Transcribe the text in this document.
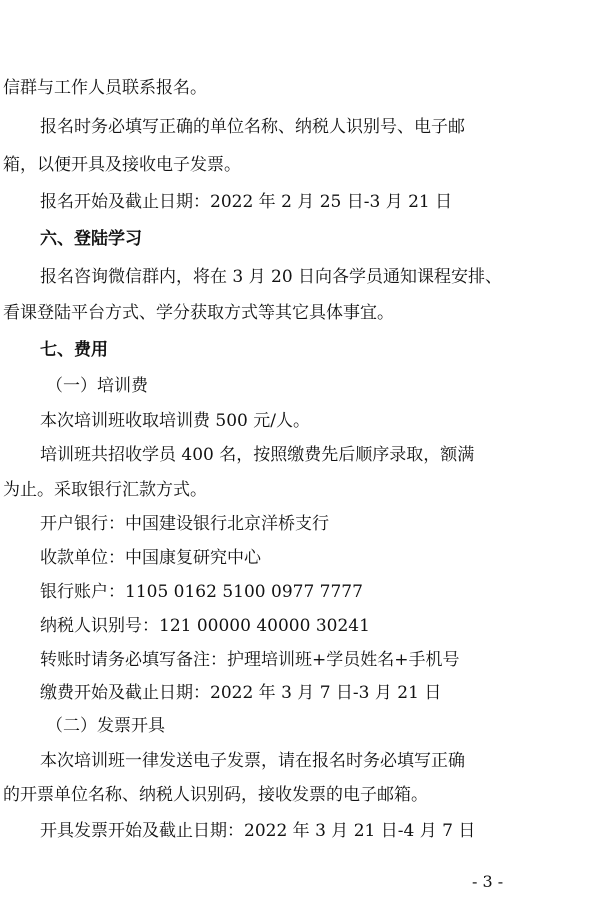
信群与工作人员联系报名。
报名时务必填写正确的单位名称、纳税人识别号、电子邮
箱，以便开具及接收电子发票。
报名开始及截止日期：2022 年 2 月 25 日-3 月 21 日
六、登陆学习
报名咨询微信群内，将在 3 月 20 日向各学员通知课程安排、
看课登陆平台方式、学分获取方式等其它具体事宜。
七、费用
（一）培训费
本次培训班收取培训费 500 元/人。
培训班共招收学员 400 名，按照缴费先后顺序录取，额满
为止。采取银行汇款方式。
开户银行：中国建设银行北京洋桥支行
收款单位：中国康复研究中心
银行账户：1105 0162 5100 0977 7777
纳税人识别号：121 00000 40000 30241
转账时请务必填写备注：护理培训班+学员姓名+手机号
缴费开始及截止日期：2022 年 3 月 7 日-3 月 21 日
（二）发票开具
本次培训班一律发送电子发票，请在报名时务必填写正确
的开票单位名称、纳税人识别码，接收发票的电子邮箱。
开具发票开始及截止日期：2022 年 3 月 21 日-4 月 7 日
- 3 -
